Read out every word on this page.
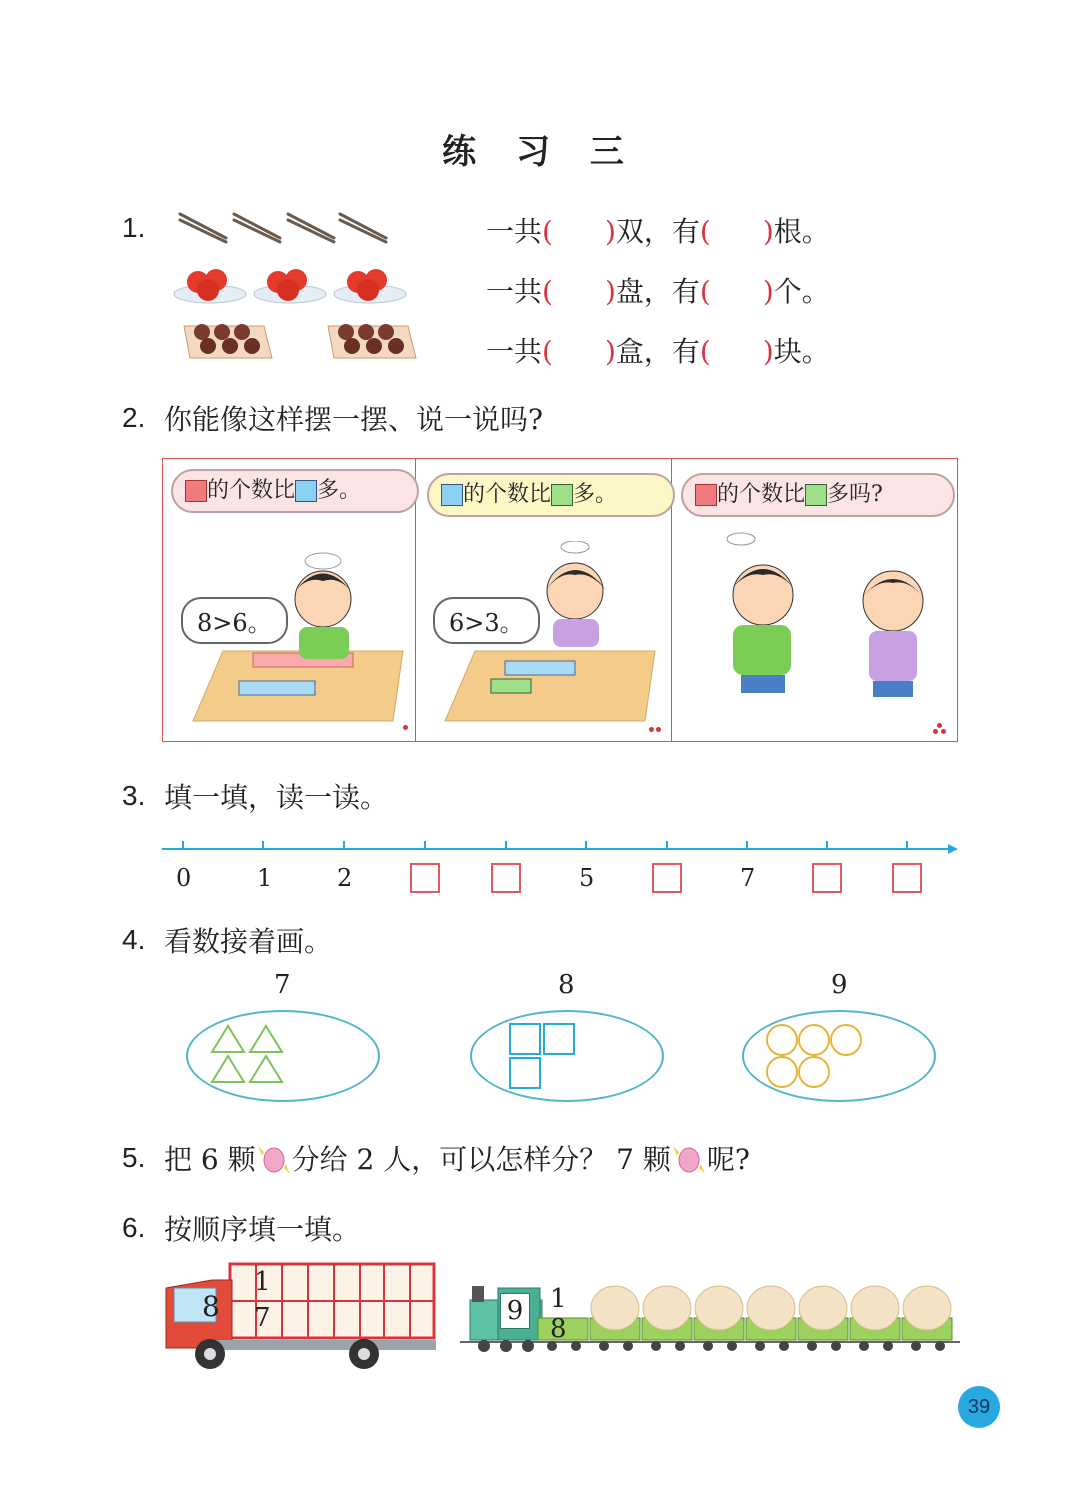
练 习 三
1.	一共( )双，有( )根。
一共( )盘，有( )个。
一共( )盒，有( )块。
2. 你能像这样摆一摆、说一说吗?
的个数比 多。
8>6。
的个数比 多。
6>3。
的个数比 多吗?
3. 填一填，读一读。
0	1	2	5	7
4. 看数接着画。
7	8	9
5. 把 6 颗 分给 2 人，可以怎样分？ 7 颗 呢?
6. 按顺序填一填。
8
1
7	9 1
8
39
